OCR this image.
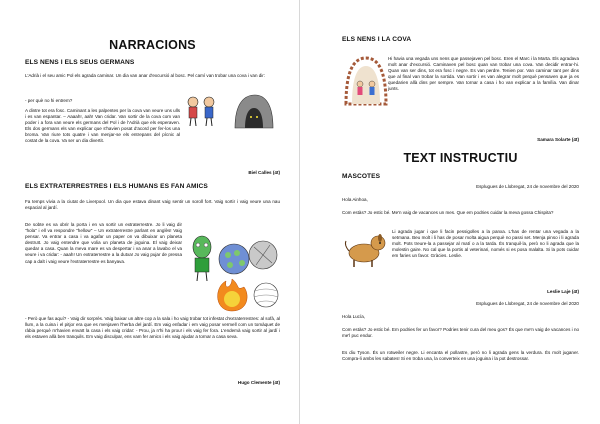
NARRACIONS
ELS NENS I ELS SEUS GERMANS
L'Adrià i el seu amic Pol els agrada caminar. Un dia van anar d'excursió al bosc. Pel camí van trobar una cova i van dir:
- per què no hi entrem?
A dintre tot era fosc. Caminant a les palpentes per la cova van veure uns ulls i es van espantar. – Aaaah!, aah! Van cridar. Van sortir de la cova com van poder i a fora van veure els germans del Pol i de l'Adrià que els esperaven. Els dos germans els van explicar que s'havien posat d'acord per fer-los una broma. Van riure tots quatre i van menjar-se els entrepans del pícnic al costat de la cova. Va ser un dia divertit.
Biel Calles (4t)
ELS EXTRATERRESTRES I ELS HUMANS ES FAN AMICS
Fa temps vivia a la ciutat de Liverpool. Un dia que estava dinant vaig sentir un soroll fort. Vaig sortir i vaig veure una nau espacial al jardí.
De sobte es va obrir la porta i en va sortir un extraterrestre. Jo li vaig dir "hola" i ell va respondre "hellow" – Un extraterrestre parlant en anglès! Vaig pensar. Va entrar a casa i va agafar un paper on va dibuixar un planeta destruït. Jo vaig entendre que volia un planeta de joguina. El vaig deixar quedar a casa. Quan la meva mare es va despertar i va anar a lavabo el va veure i va cridar: - aaah! Un extraterrestre a la dutxa! Jo vaig pujar de pressa cap a dalt i vaig veure l'extraterrestre es banyava.
- Però que fas aquí? - Vaig dir sorprès. Vaig baixar un altre cop a la sala i ho vaig trobar tot infestat d'extraterrestres: al sofà, al llum, a la cuina i el pitjor era que es menjaven l'herba del jardí. Em vaig enfadar i em vaig posar vermell com un tomàquet de ràbia perquè m'havien envaït la casa i els vaig cridar: - Prou, ja n'hi ha prou! i els vaig fer fora. L'endemà vaig sortir al jardí i els estaven allà ben tranquils. Em vaig disculpar, ens vam fer amics i els vaig ajudar a tornar a casa seva.
Hugo Clemente (4t)
ELS NENS I LA COVA
Hi havia una vegada uns nens que passejaven pel bosc. Eren el Marc i la Marta. Els agradava molt anar d'excursió. Caminaven pel bosc quan van trobar una cova. Van decidir entrar-hi. Quan van ser dins, tot era fosc i negre. Es van perdre. Tenien por. Van caminar tant per dins que al final van trobar la sortida. Van sortir i es van alegrar molt perquè pensaven que ja es quedarien allà dins per sempre. Van tornar a casa i ho van explicar a la família. Van dinar junts.
Samara Solarte (4t)
TEXT INSTRUCTIU
MASCOTES
Esplugues de Llobregat, 24 de novembre del 2020
Hola Ainhoa,
Com estàs? Jo estic bé. Me'n vaig de vacances un mes. Que em podries cuidar la meva gossa Chispita?
Li agrada jugar i que li facin pessigolles a la panxa. L'has de rentar una vegada a la setmana. Beu molt i li has de posar molta aigua perquè no passi set. Menja pinso i li agrada molt. Pots treure-la a passejar al matí o a la tarda. És tranquil·la, però no li agrada que la molestin gaire. No cal que la portis al veterinari, només si es posa malalta. Si la pots cuidar em faries un favor. Gràcies. Leslie.
Leslie Laje (4t)
Esplugues de Llobregat, 24 de novembre del 2020
Hola Lucía,
Com estàs? Jo estic bé. Em podries fer un favor? Podries tenir cura del meu gos? És que me'n vaig de vacances i no me'l puc endur.
Es diu Tyson. És un rotweiler negre. Li encanta el pollastre, però no li agrada gens la verdura. És molt juganer. Compra-li ambs les sabates! Si en troba una, la converteix en una joguina i la pot destrossar.
